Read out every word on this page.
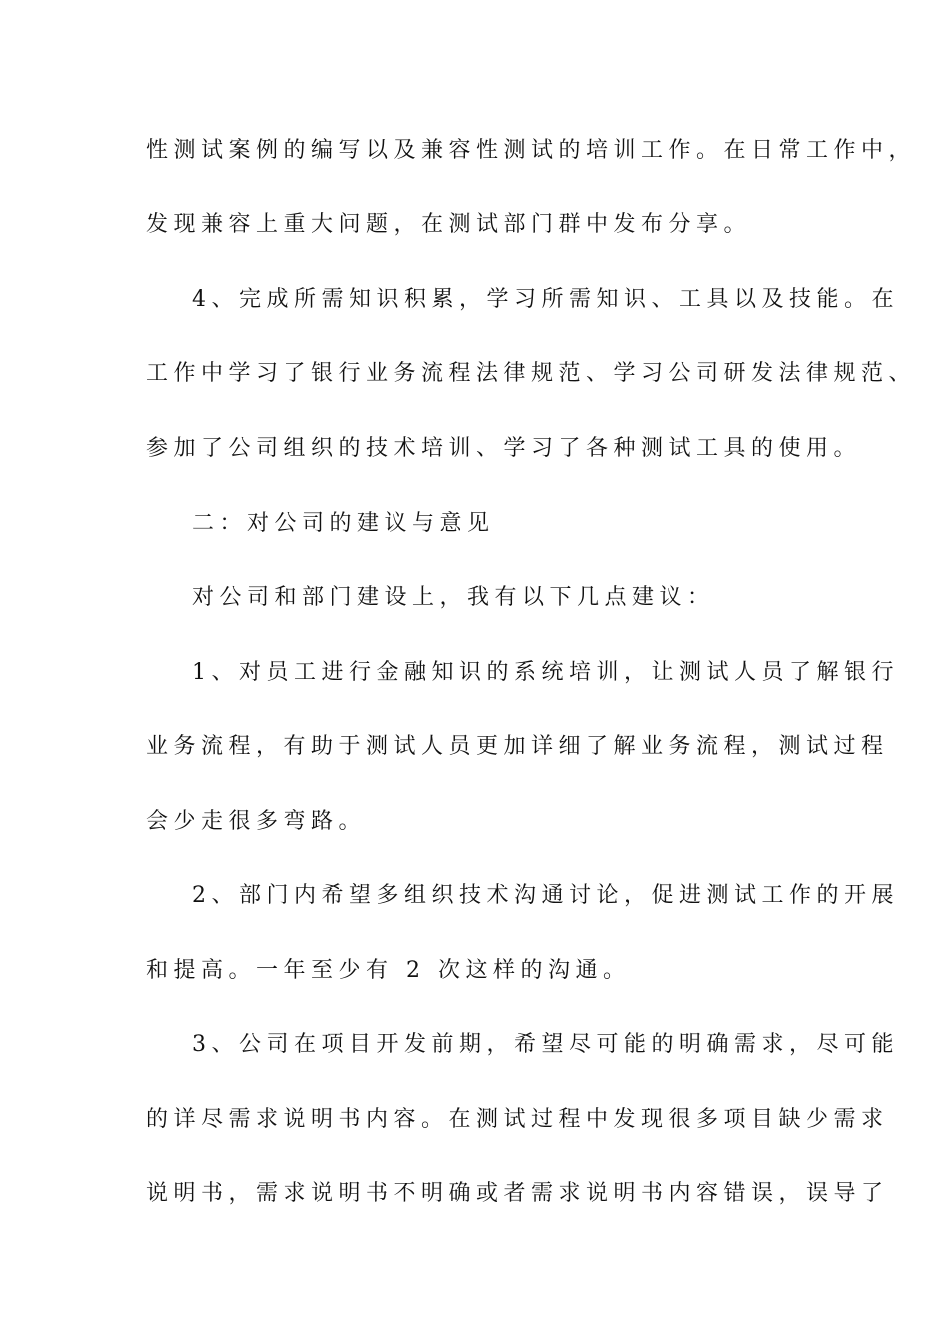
性测试案例的编写以及兼容性测试的培训工作。在日常工作中，
发现兼容上重大问题，在测试部门群中发布分享。
4、完成所需知识积累，学习所需知识、工具以及技能。在
工作中学习了银行业务流程法律规范、学习公司研发法律规范、
参加了公司组织的技术培训、学习了各种测试工具的使用。
二：对公司的建议与意见
对公司和部门建设上，我有以下几点建议：
1、对员工进行金融知识的系统培训，让测试人员了解银行
业务流程，有助于测试人员更加详细了解业务流程，测试过程
会少走很多弯路。
2、部门内希望多组织技术沟通讨论，促进测试工作的开展
和提高。一年至少有 2 次这样的沟通。
3、公司在项目开发前期，希望尽可能的明确需求，尽可能
的详尽需求说明书内容。在测试过程中发现很多项目缺少需求
说明书，需求说明书不明确或者需求说明书内容错误，误导了
